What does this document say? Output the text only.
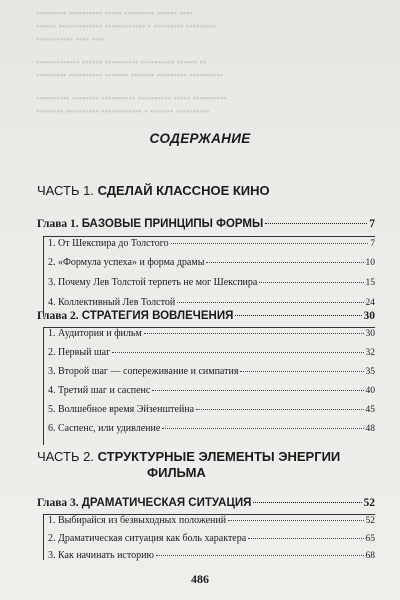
▪▪▪▪▪▪▪▪▪ ▪▪▪▪▪▪▪▪▪▪ ▪▪▪▪▪ ▪▪▪▪▪▪▪▪▪ ▪▪▪▪▪▪ ▪▪▪▪
▪▪▪▪▪▪ ▪▪▪▪▪▪▪▪▪▪▪▪▪ ▪▪▪▪▪▪▪▪▪▪▪▪ ▪ ▪▪▪▪▪▪▪▪▪ ▪▪▪▪▪▪▪▪▪
▪▪▪▪▪▪▪▪▪▪▪ ▪▪▪▪ ▪▪▪▪
▪▪▪▪▪▪▪▪▪▪▪▪▪ ▪▪▪▪▪▪ ▪▪▪▪▪▪▪▪▪▪ ▪▪▪▪▪▪▪▪▪▪ ▪▪▪▪▪▪ ▪▪
▪▪▪▪▪▪▪▪▪ ▪▪▪▪▪▪▪▪▪▪ ▪▪▪▪▪▪▪ ▪▪▪▪▪▪▪ ▪▪▪▪▪▪▪▪▪ ▪▪▪▪▪▪▪▪▪▪
▪▪▪▪▪▪▪▪▪▪ ▪▪▪▪▪▪▪▪ ▪▪▪▪▪▪▪▪▪▪ ▪▪▪▪▪▪▪▪▪▪ ▪▪▪▪▪ ▪▪▪▪▪▪▪▪▪▪
▪▪▪▪▪▪▪▪ ▪▪▪▪▪▪▪▪▪▪ ▪▪▪▪▪▪▪▪▪▪▪▪ ▪ ▪▪▪▪▪▪▪ ▪▪▪▪▪▪▪▪▪▪
СОДЕРЖАНИЕ
ЧАСТЬ 1. СДЕЛАЙ КЛАССНОЕ КИНО
Глава 1. БАЗОВЫЕ ПРИНЦИПЫ ФОРМЫ	7
1. От Шекспира до Толстого	7
2. «Формула успеха» и форма драмы	10
3. Почему Лев Толстой терпеть не мог Шекспира	15
4. Коллективный Лев Толстой	24
Глава 2. СТРАТЕГИЯ ВОВЛЕЧЕНИЯ	30
1. Аудитория и фильм	30
2. Первый шаг	32
3. Второй шаг — сопереживание и симпатия	35
4. Третий шаг и саспенс	40
5. Волшебное время Эйзенштейна	45
6. Саспенс, или удивление	48
ЧАСТЬ 2. СТРУКТУРНЫЕ ЭЛЕМЕНТЫ ЭНЕРГИИ
ФИЛЬМА
Глава 3. ДРАМАТИЧЕСКАЯ СИТУАЦИЯ	52
1. Выбирайся из безвыходных положений	52
2. Драматическая ситуация как боль характера	65
3. Как начинать историю	68
486
